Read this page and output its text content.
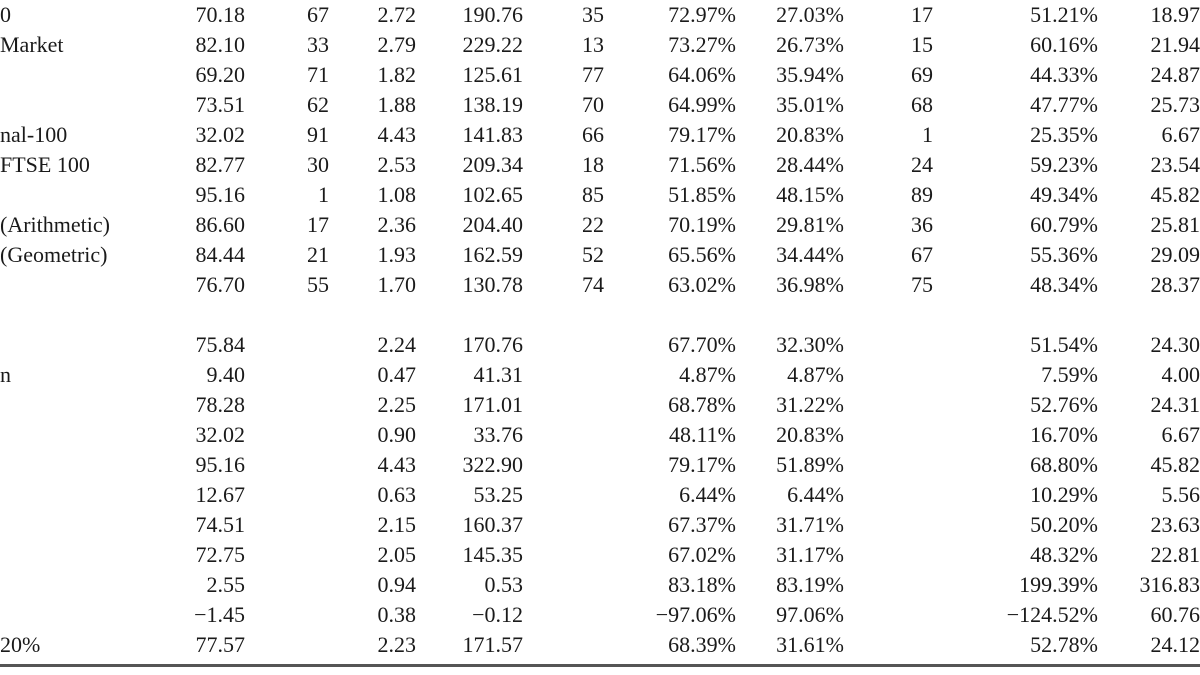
0	70.18	67 2.72 190.76	35	72.97% 27.03%	17	51.21% 18.97
Market	82.10	33 2.79 229.22	13	73.27% 26.73%	15	60.16% 21.94
69.20	71 1.82 125.61	77	64.06% 35.94%	69	44.33% 24.87
73.51	62 1.88 138.19	70	64.99% 35.01%	68	47.77% 25.73
nal-100	32.02	91 4.43 141.83	66	79.17% 20.83%	1	25.35%	6.67
FTSE 100	82.77	30 2.53 209.34	18	71.56% 28.44%	24	59.23% 23.54
95.16	1 1.08 102.65	85	51.85% 48.15%	89	49.34% 45.82
(Arithmetic)	86.60	17 2.36 204.40	22	70.19% 29.81%	36	60.79% 25.81
(Geometric)	84.44	21 1.93 162.59	52	65.56% 34.44%	67	55.36% 29.09
76.70	55 1.70 130.78	74	63.02% 36.98%	75	48.34% 28.37
75.84	2.24 170.76	67.70% 32.30%	51.54% 24.30
n	9.40	0.47	41.31	4.87% 4.87%	7.59%	4.00
78.28	2.25 171.01	68.78% 31.22%	52.76% 24.31
32.02	0.90	33.76	48.11% 20.83%	16.70%	6.67
95.16	4.43 322.90	79.17% 51.89%	68.80% 45.82
12.67	0.63	53.25	6.44% 6.44%	10.29%	5.56
74.51	2.15 160.37	67.37% 31.71%	50.20% 23.63
72.75	2.05 145.35	67.02% 31.17%	48.32% 22.81
2.55	0.94	0.53	83.18% 83.19%	199.39% 316.83
−1.45	0.38	−0.12	−97.06% 97.06%	−124.52% 60.76
20%	77.57	2.23 171.57	68.39% 31.61%	52.78% 24.12
